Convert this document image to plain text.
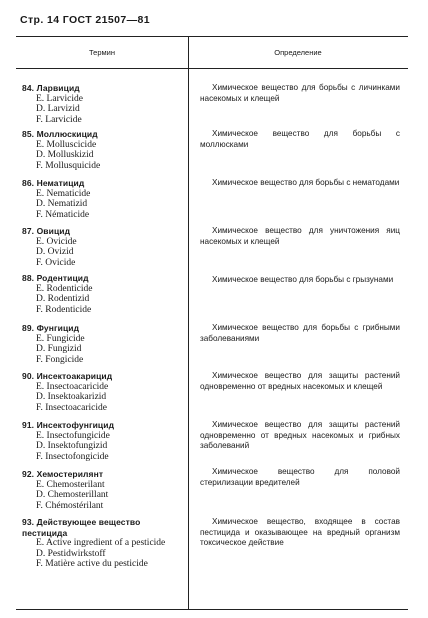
Стр. 14 ГОСТ 21507—81
Термин	Определение
84. Ларвицид
E. Larvicide
D. Larvizid
F. Larvicide
Химическое вещество для борьбы с личинками насекомых и клещей
85. Моллюскицид
E. Molluscicide
D. Molluskizid
F. Mollusquicide
Химическое вещество для борьбы с моллюсками
86. Нематицид
E. Nematicide
D. Nematizid
F. Nématicide
Химическое вещество для борьбы с нематодами
87. Овицид
E. Ovicide
D. Ovizid
F. Ovicide
Химическое вещество для уничтожения яиц насекомых и клещей
88. Родентицид
E. Rodenticide
D. Rodentizid
F. Rodenticide
Химическое вещество для борьбы с грызунами
89. Фунгицид
E. Fungicide
D. Fungizid
F. Fongicide
Химическое вещество для борьбы с грибными заболеваниями
90. Инсектоакарицид
E. Insectoacaricide
D. Insektoakarizid
F. Insectoacaricide
Химическое вещество для защиты растений одновременно от вредных насекомых и клещей
91. Инсектофунгицид
E. Insectofungicide
D. Insektofungizid
F. Insectofongicide
Химическое вещество для защиты растений одновременно от вредных насекомых и грибных заболеваний
92. Хемостерилянт
E. Chemosterilant
D. Chemosterillant
F. Chémostérilant
Химическое вещество для половой стерилизации вредителей
93. Действующее вещество пестицида
E. Active ingredient of a pesticide
D. Pestidwirkstoff
F. Matière active du pesticide
Химическое вещество, входящее в состав пестицида и оказывающее на вредный организм токсическое действие
